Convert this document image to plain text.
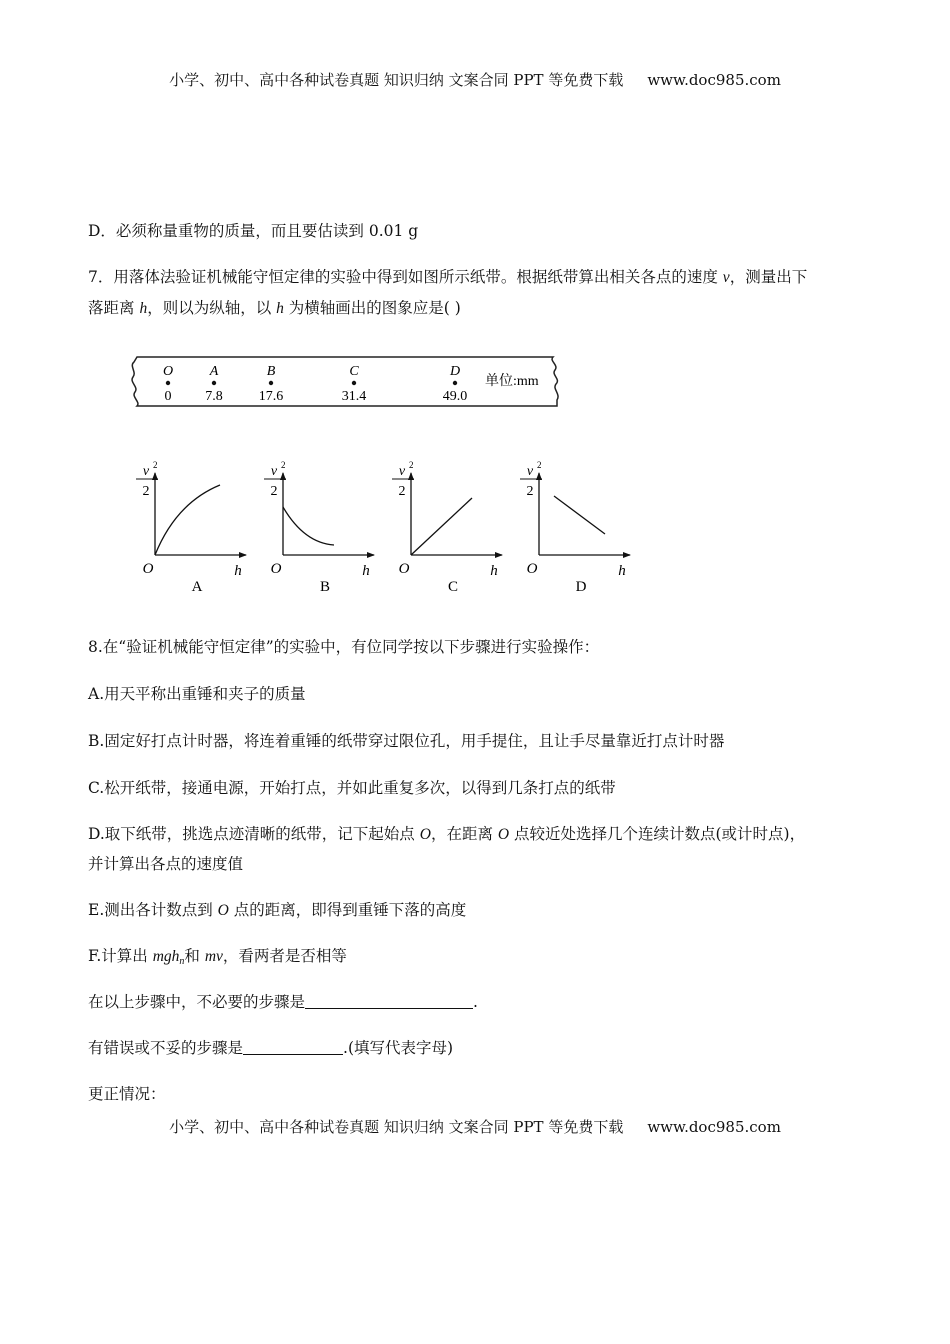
小学、初中、高中各种试卷真题 知识归纳 文案合同 PPT 等免费下载 www.doc985.com
D．必须称量重物的质量，而且要估读到 0.01 g
7．用落体法验证机械能守恒定律的实验中得到如图所示纸带。根据纸带算出相关各点的速度 v，测量出下
落距离 h，则以为纵轴，以 h 为横轴画出的图象应是( )
O
0
A
7.8
B
17.6
C
31.4
D
49.0
单位:mm
v 2
2
O	h
A
v 2
2
O	h
B
v 2
2
O	h
C
v 2
2
O	h
D
8.在“验证机械能守恒定律”的实验中，有位同学按以下步骤进行实验操作：
A.用天平称出重锤和夹子的质量
B.固定好打点计时器，将连着重锤的纸带穿过限位孔，用手提住，且让手尽量靠近打点计时器
C.松开纸带，接通电源，开始打点，并如此重复多次，以得到几条打点的纸带
D.取下纸带，挑选点迹清晰的纸带，记下起始点 O，在距离 O 点较近处选择几个连续计数点(或计时点)，
并计算出各点的速度值
E.测出各计数点到 O 点的距离，即得到重锤下落的高度
F.计算出 mgh$_n$和 mv，看两者是否相等
在以上步骤中，不必要的步骤是	.
有错误或不妥的步骤是	.(填写代表字母)
更正情况：
小学、初中、高中各种试卷真题 知识归纳 文案合同 PPT 等免费下载 www.doc985.com
